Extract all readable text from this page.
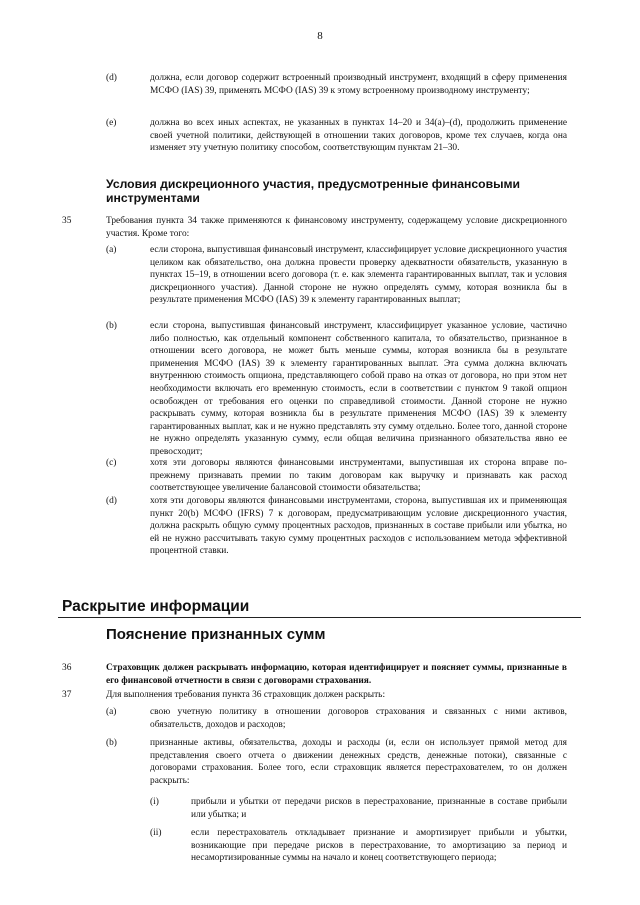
8
(d)	должна, если договор содержит встроенный производный инструмент, входящий в сферу применения МСФО (IAS) 39, применять МСФО (IAS) 39 к этому встроенному производному инструменту;
(e)	должна во всех иных аспектах, не указанных в пунктах 14–20 и 34(a)–(d), продолжить применение своей учетной политики, действующей в отношении таких договоров, кроме тех случаев, когда она изменяет эту учетную политику способом, соответствующим пунктам 21–30.
Условия дискреционного участия, предусмотренные финансовыми инструментами
35	Требования пункта 34 также применяются к финансовому инструменту, содержащему условие дискреционного участия. Кроме того:
(a)	если сторона, выпустившая финансовый инструмент, классифицирует условие дискреционного участия целиком как обязательство, она должна провести проверку адекватности обязательств, указанную в пунктах 15–19, в отношении всего договора (т. е. как элемента гарантированных выплат, так и условия дискреционного участия). Данной стороне не нужно определять сумму, которая возникла бы в результате применения МСФО (IAS) 39 к элементу гарантированных выплат;
(b)	если сторона, выпустившая финансовый инструмент, классифицирует указанное условие, частично либо полностью, как отдельный компонент собственного капитала, то обязательство, признанное в отношении всего договора, не может быть меньше суммы, которая возникла бы в результате применения МСФО (IAS) 39 к элементу гарантированных выплат. Эта сумма должна включать внутреннюю стоимость опциона, представляющего собой право на отказ от договора, но при этом нет необходимости включать его временную стоимость, если в соответствии с пунктом 9 такой опцион освобожден от требования его оценки по справедливой стоимости. Данной стороне не нужно раскрывать сумму, которая возникла бы в результате применения МСФО (IAS) 39 к элементу гарантированных выплат, как и не нужно представлять эту сумму отдельно. Более того, данной стороне не нужно определять указанную сумму, если общая величина признанного обязательства явно ее превосходит;
(c)	хотя эти договоры являются финансовыми инструментами, выпустившая их сторона вправе по-прежнему признавать премии по таким договорам как выручку и признавать как расход соответствующее увеличение балансовой стоимости обязательства;
(d)	хотя эти договоры являются финансовыми инструментами, сторона, выпустившая их и применяющая пункт 20(b) МСФО (IFRS) 7 к договорам, предусматривающим условие дискреционного участия, должна раскрыть общую сумму процентных расходов, признанных в составе прибыли или убытка, но ей не нужно рассчитывать такую сумму процентных расходов с использованием метода эффективной процентной ставки.
Раскрытие информации
Пояснение признанных сумм
36	Страховщик должен раскрывать информацию, которая идентифицирует и поясняет суммы, признанные в его финансовой отчетности в связи с договорами страхования.
37	Для выполнения требования пункта 36 страховщик должен раскрыть:
(a)	свою учетную политику в отношении договоров страхования и связанных с ними активов, обязательств, доходов и расходов;
(b)	признанные активы, обязательства, доходы и расходы (и, если он использует прямой метод для представления своего отчета о движении денежных средств, денежные потоки), связанные с договорами страхования. Более того, если страховщик является перестрахователем, то он должен раскрыть:
(i)	прибыли и убытки от передачи рисков в перестрахование, признанные в составе прибыли или убытка; и
(ii)	если перестрахователь откладывает признание и амортизирует прибыли и убытки, возникающие при передаче рисков в перестрахование, то амортизацию за период и несамортизированные суммы на начало и конец соответствующего периода;
